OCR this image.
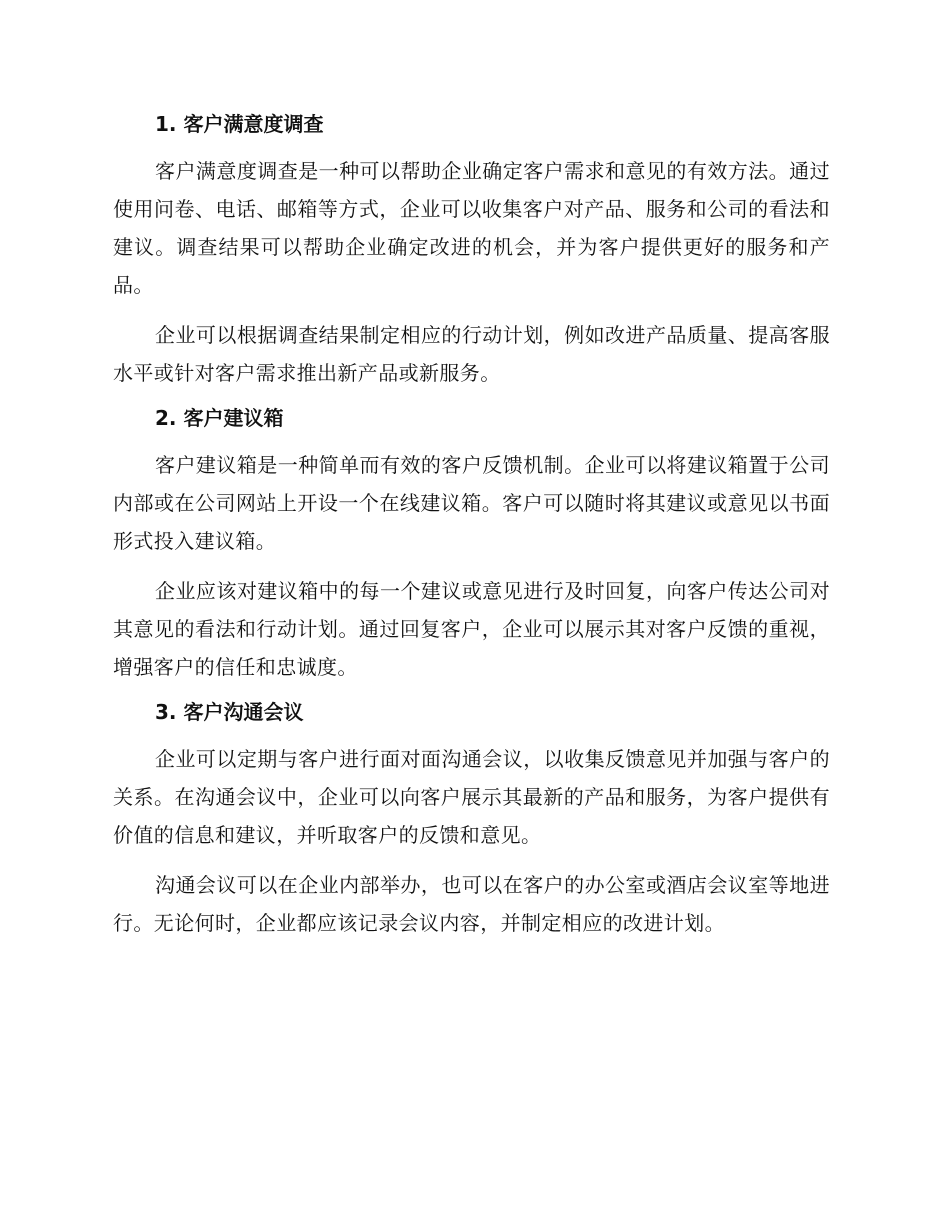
1. 客户满意度调查

客户满意度调查是一种可以帮助企业确定客户需求和意见的有效方法。通过使用问卷、电话、邮箱等方式，企业可以收集客户对产品、服务和公司的看法和建议。调查结果可以帮助企业确定改进的机会，并为客户提供更好的服务和产品。

企业可以根据调查结果制定相应的行动计划，例如改进产品质量、提高客服水平或针对客户需求推出新产品或新服务。

2. 客户建议箱

客户建议箱是一种简单而有效的客户反馈机制。企业可以将建议箱置于公司内部或在公司网站上开设一个在线建议箱。客户可以随时将其建议或意见以书面形式投入建议箱。

企业应该对建议箱中的每一个建议或意见进行及时回复，向客户传达公司对其意见的看法和行动计划。通过回复客户，企业可以展示其对客户反馈的重视，增强客户的信任和忠诚度。

3. 客户沟通会议

企业可以定期与客户进行面对面沟通会议，以收集反馈意见并加强与客户的关系。在沟通会议中，企业可以向客户展示其最新的产品和服务，为客户提供有价值的信息和建议，并听取客户的反馈和意见。

沟通会议可以在企业内部举办，也可以在客户的办公室或酒店会议室等地进行。无论何时，企业都应该记录会议内容，并制定相应的改进计划。
